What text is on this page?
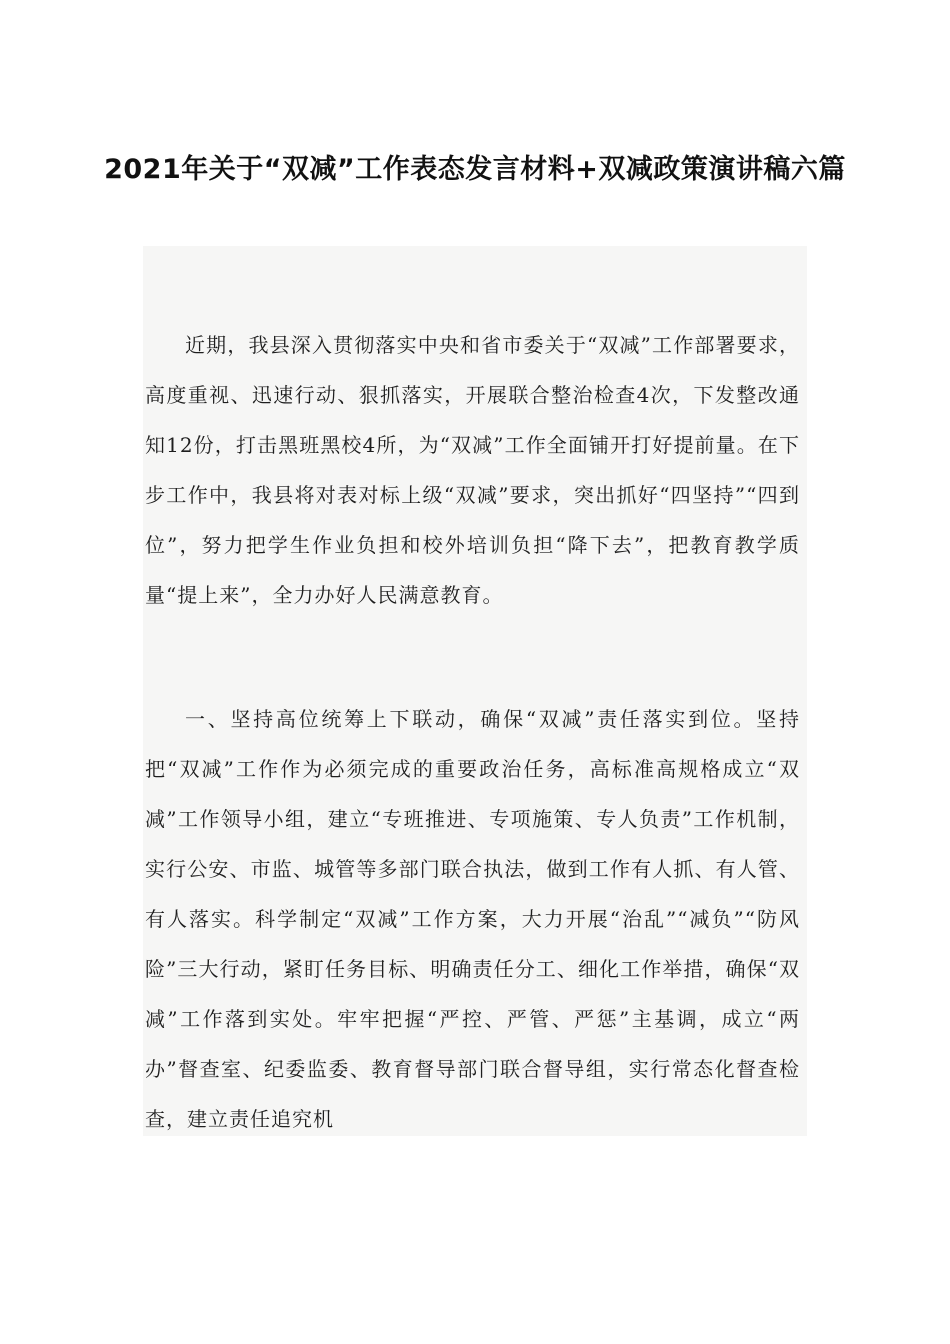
2021年关于“双减”工作表态发言材料+双减政策演讲稿六篇

近期，我县深入贯彻落实中央和省市委关于“双减”工作部署要求，高度重视、迅速行动、狠抓落实，开展联合整治检查4次，下发整改通知12份，打击黑班黑校4所，为“双减”工作全面铺开打好提前量。在下步工作中，我县将对表对标上级“双减”要求，突出抓好“四坚持”“四到位”，努力把学生作业负担和校外培训负担“降下去”，把教育教学质量“提上来”，全力办好人民满意教育。

一、坚持高位统筹上下联动，确保“双减”责任落实到位。坚持把“双减”工作作为必须完成的重要政治任务，高标准高规格成立“双减”工作领导小组，建立“专班推进、专项施策、专人负责”工作机制，实行公安、市监、城管等多部门联合执法，做到工作有人抓、有人管、有人落实。科学制定“双减”工作方案，大力开展“治乱”“减负”“防风险”三大行动，紧盯任务目标、明确责任分工、细化工作举措，确保“双减”工作落到实处。牢牢把握“严控、严管、严惩”主基调，成立“两办”督查室、纪委监委、教育督导部门联合督导组，实行常态化督查检查，建立责任追究机
